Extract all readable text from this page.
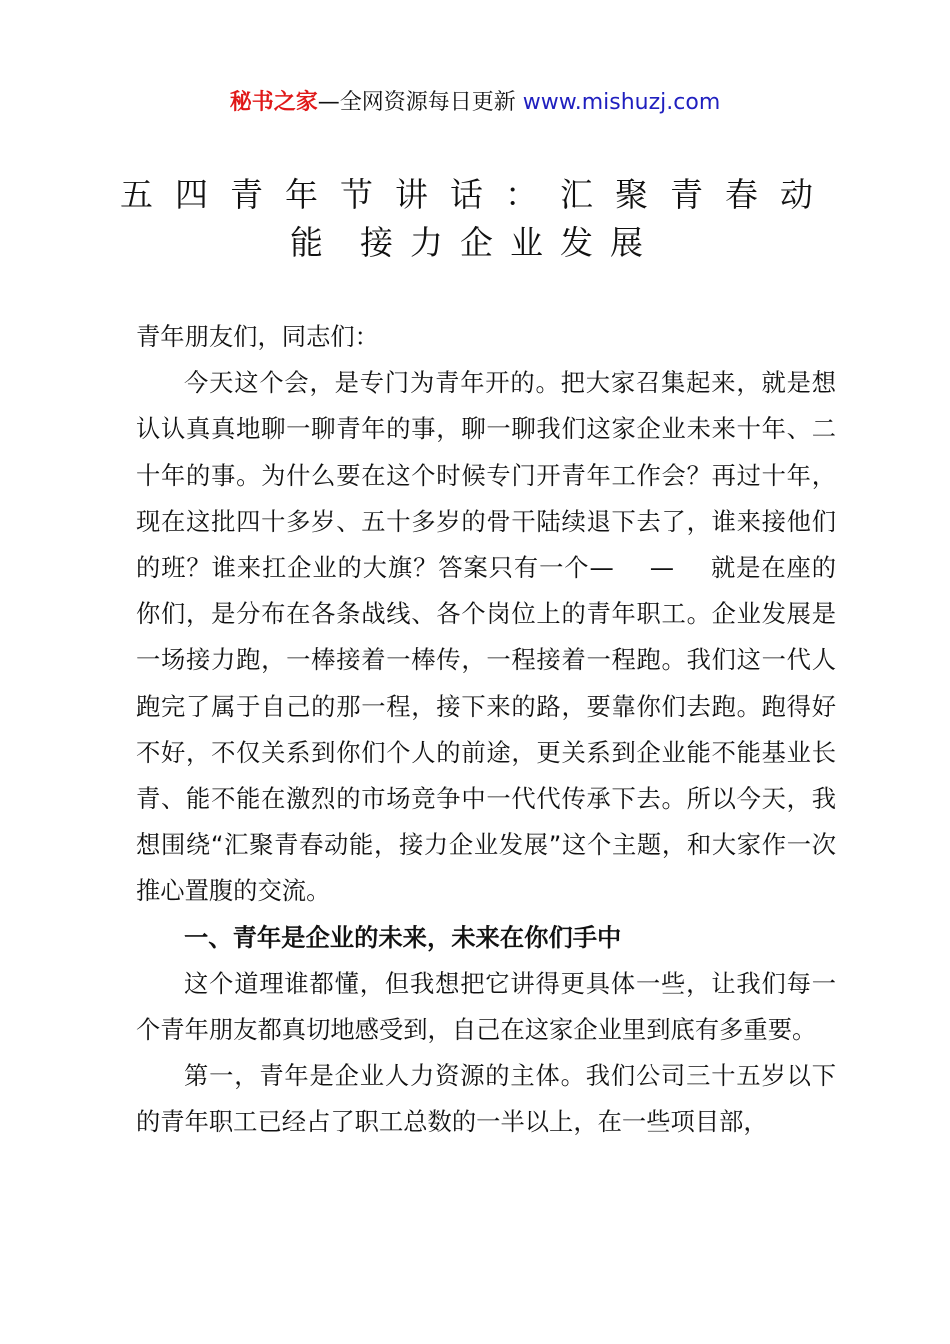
秘书之家—全网资源每日更新 www.mishuzj.com
五四青年节讲话：汇聚青春动
能 接力企业发展

青年朋友们，同志们：

今天这个会，是专门为青年开的。把大家召集起来，就是想认认真真地聊一聊青年的事，聊一聊我们这家企业未来十年、二十年的事。为什么要在这个时候专门开青年工作会？再过十年，现在这批四十多岁、五十多岁的骨干陆续退下去了，谁来接他们的班？谁来扛企业的大旗？答案只有一个— — 就是在座的你们，是分布在各条战线、各个岗位上的青年职工。企业发展是一场接力跑，一棒接着一棒传，一程接着一程跑。我们这一代人跑完了属于自己的那一程，接下来的路，要靠你们去跑。跑得好不好，不仅关系到你们个人的前途，更关系到企业能不能基业长青、能不能在激烈的市场竞争中一代代传承下去。所以今天，我想围绕“汇聚青春动能，接力企业发展”这个主题，和大家作一次推心置腹的交流。

一、青年是企业的未来，未来在你们手中

这个道理谁都懂，但我想把它讲得更具体一些，让我们每一个青年朋友都真切地感受到，自己在这家企业里到底有多重要。

第一，青年是企业人力资源的主体。我们公司三十五岁以下的青年职工已经占了职工总数的一半以上，在一些项目部，
